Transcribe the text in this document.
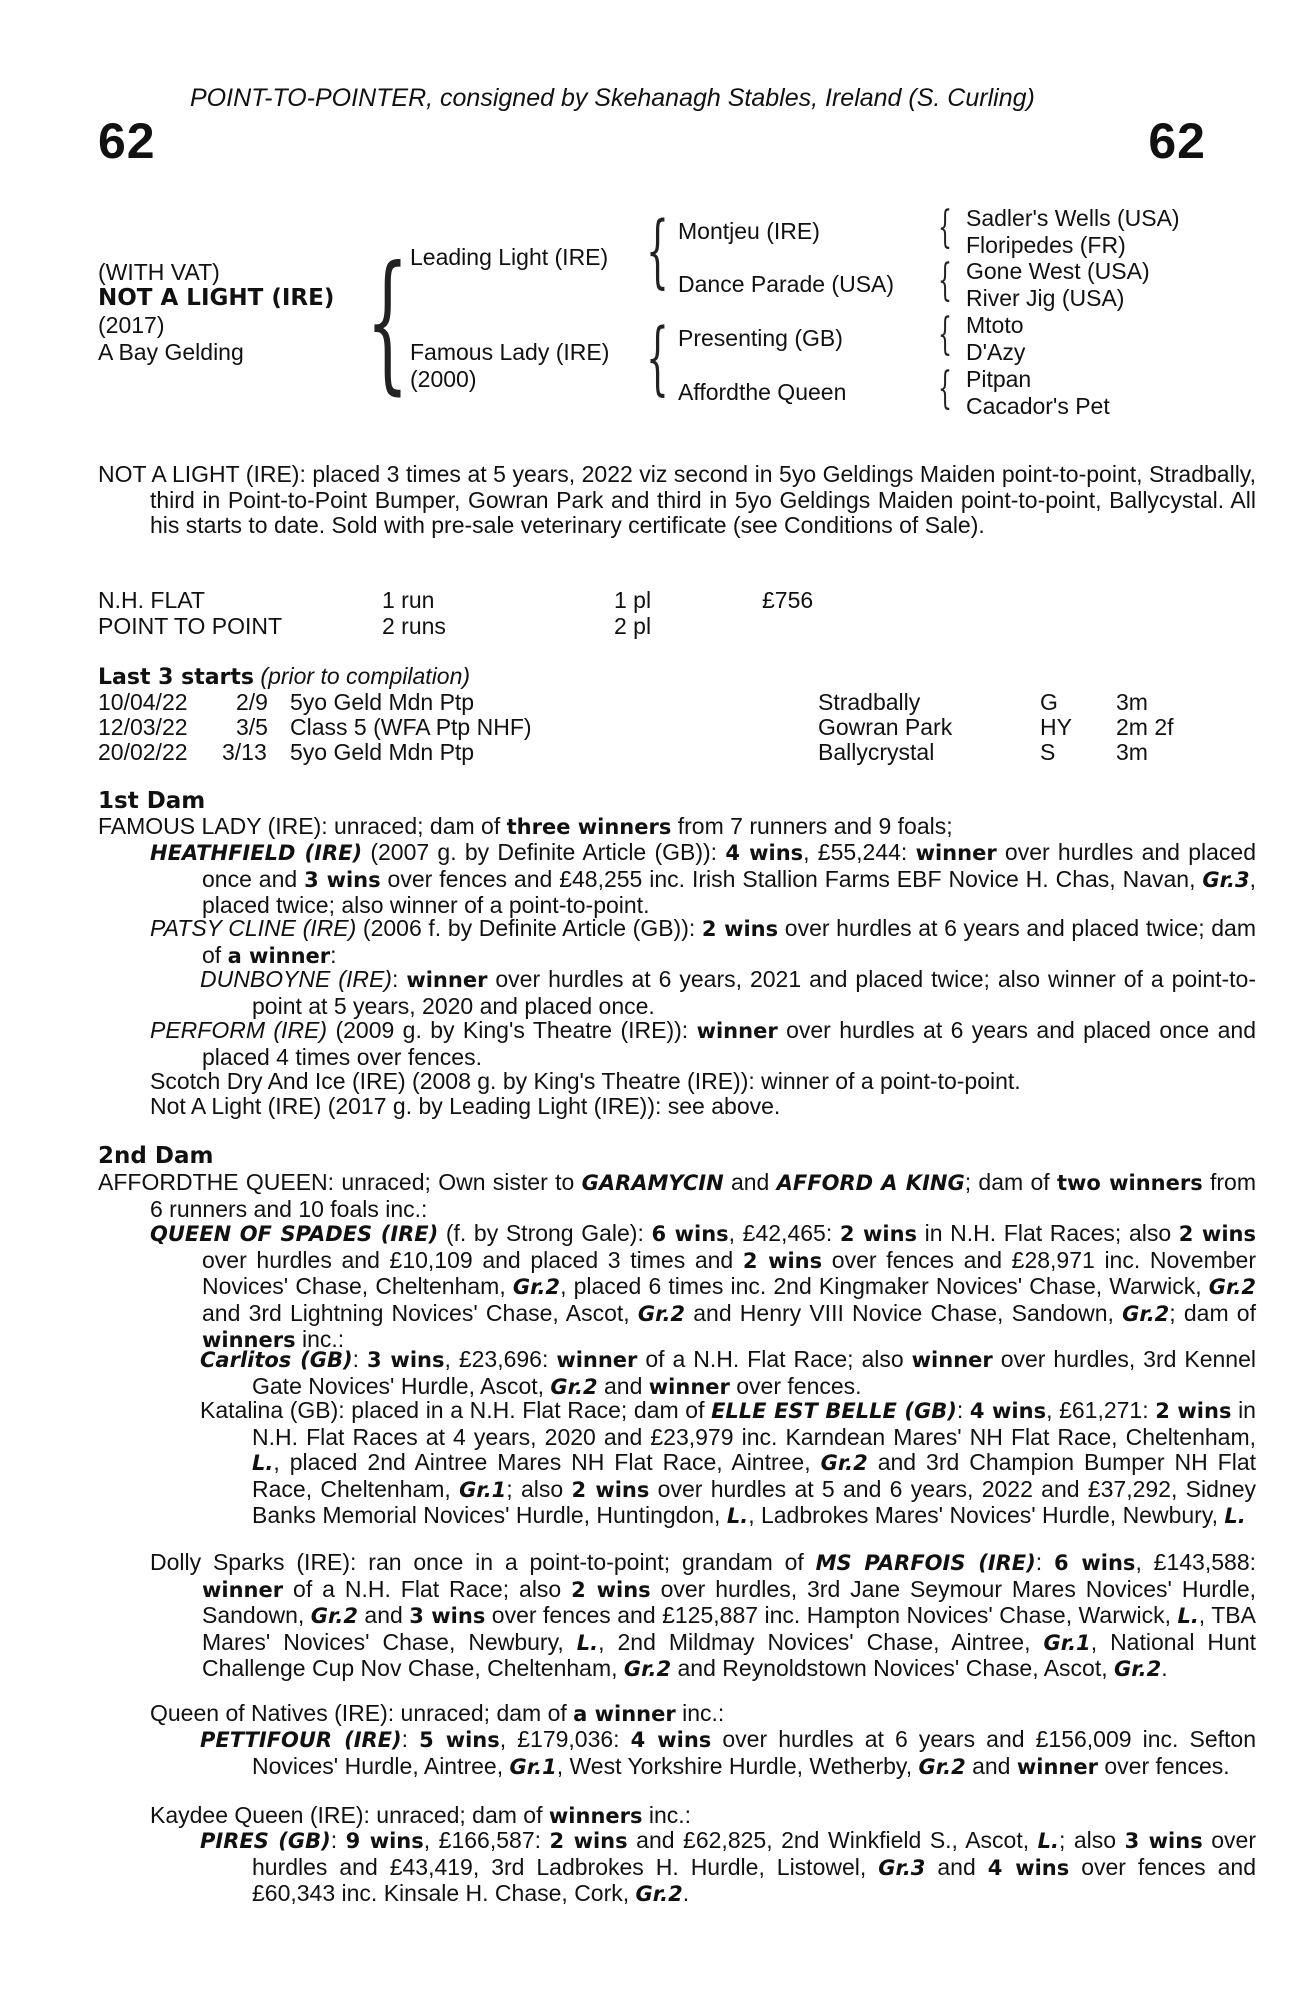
POINT-TO-POINTER, consigned by Skehanagh Stables, Ireland (S. Curling)
62	62
(WITH VAT)
NOT A LIGHT (IRE)
(2017)
A Bay Gelding { Leading Light (IRE)
Famous Lady (IRE)
(2000)
{
{
Montjeu (IRE)
Dance Parade (USA)
Presenting (GB)
Affordthe Queen
{
{
{
{
Sadler's Wells (USA)
Floripedes (FR)
Gone West (USA)
River Jig (USA)
Mtoto
D'Azy
Pitpan
Cacador's Pet
NOT A LIGHT (IRE): placed 3 times at 5 years, 2022 viz second in 5yo Geldings Maiden point-to-point, Stradbally, third in Point-to-Point Bumper, Gowran Park and third in 5yo Geldings Maiden point-to-point, Ballycystal. All his starts to date. Sold with pre-sale veterinary certificate (see Conditions of Sale).
N.H. FLAT	1 run	1 pl	£756
POINT TO POINT	2 runs	2 pl
Last 3 starts (prior to compilation)
10/04/22 2/9 5yo Geld Mdn Ptp	Stradbally	G	3m
12/03/22 3/5 Class 5 (WFA Ptp NHF)	Gowran Park	HY 2m 2f
20/02/22 3/13 5yo Geld Mdn Ptp	Ballycrystal	S	3m
1st Dam
FAMOUS LADY (IRE): unraced; dam of three winners from 7 runners and 9 foals;
HEATHFIELD (IRE) (2007 g. by Definite Article (GB)): 4 wins, £55,244: winner over hurdles and placed once and 3 wins over fences and £48,255 inc. Irish Stallion Farms EBF Novice H. Chas, Navan, Gr.3, placed twice; also winner of a point-to-point.
PATSY CLINE (IRE) (2006 f. by Definite Article (GB)): 2 wins over hurdles at 6 years and placed twice; dam of a winner:
DUNBOYNE (IRE): winner over hurdles at 6 years, 2021 and placed twice; also winner of a point-to-point at 5 years, 2020 and placed once.
PERFORM (IRE) (2009 g. by King's Theatre (IRE)): winner over hurdles at 6 years and placed once and placed 4 times over fences.
Scotch Dry And Ice (IRE) (2008 g. by King's Theatre (IRE)): winner of a point-to-point.
Not A Light (IRE) (2017 g. by Leading Light (IRE)): see above.
2nd Dam
AFFORDTHE QUEEN: unraced; Own sister to GARAMYCIN and AFFORD A KING; dam of two winners from 6 runners and 10 foals inc.:
QUEEN OF SPADES (IRE) (f. by Strong Gale): 6 wins, £42,465: 2 wins in N.H. Flat Races; also 2 wins over hurdles and £10,109 and placed 3 times and 2 wins over fences and £28,971 inc. November Novices' Chase, Cheltenham, Gr.2, placed 6 times inc. 2nd Kingmaker Novices' Chase, Warwick, Gr.2 and 3rd Lightning Novices' Chase, Ascot, Gr.2 and Henry VIII Novice Chase, Sandown, Gr.2; dam of winners inc.:
Carlitos (GB): 3 wins, £23,696: winner of a N.H. Flat Race; also winner over hurdles, 3rd Kennel Gate Novices' Hurdle, Ascot, Gr.2 and winner over fences.
Katalina (GB): placed in a N.H. Flat Race; dam of ELLE EST BELLE (GB): 4 wins, £61,271: 2 wins in N.H. Flat Races at 4 years, 2020 and £23,979 inc. Karndean Mares' NH Flat Race, Cheltenham, L., placed 2nd Aintree Mares NH Flat Race, Aintree, Gr.2 and 3rd Champion Bumper NH Flat Race, Cheltenham, Gr.1; also 2 wins over hurdles at 5 and 6 years, 2022 and £37,292, Sidney Banks Memorial Novices' Hurdle, Huntingdon, L., Ladbrokes Mares' Novices' Hurdle, Newbury, L.
Dolly Sparks (IRE): ran once in a point-to-point; grandam of MS PARFOIS (IRE): 6 wins, £143,588: winner of a N.H. Flat Race; also 2 wins over hurdles, 3rd Jane Seymour Mares Novices' Hurdle, Sandown, Gr.2 and 3 wins over fences and £125,887 inc. Hampton Novices' Chase, Warwick, L., TBA Mares' Novices' Chase, Newbury, L., 2nd Mildmay Novices' Chase, Aintree, Gr.1, National Hunt Challenge Cup Nov Chase, Cheltenham, Gr.2 and Reynoldstown Novices' Chase, Ascot, Gr.2.
Queen of Natives (IRE): unraced; dam of a winner inc.:
PETTIFOUR (IRE): 5 wins, £179,036: 4 wins over hurdles at 6 years and £156,009 inc. Sefton Novices' Hurdle, Aintree, Gr.1, West Yorkshire Hurdle, Wetherby, Gr.2 and winner over fences.
Kaydee Queen (IRE): unraced; dam of winners inc.:
PIRES (GB): 9 wins, £166,587: 2 wins and £62,825, 2nd Winkfield S., Ascot, L.; also 3 wins over hurdles and £43,419, 3rd Ladbrokes H. Hurdle, Listowel, Gr.3 and 4 wins over fences and £60,343 inc. Kinsale H. Chase, Cork, Gr.2.
